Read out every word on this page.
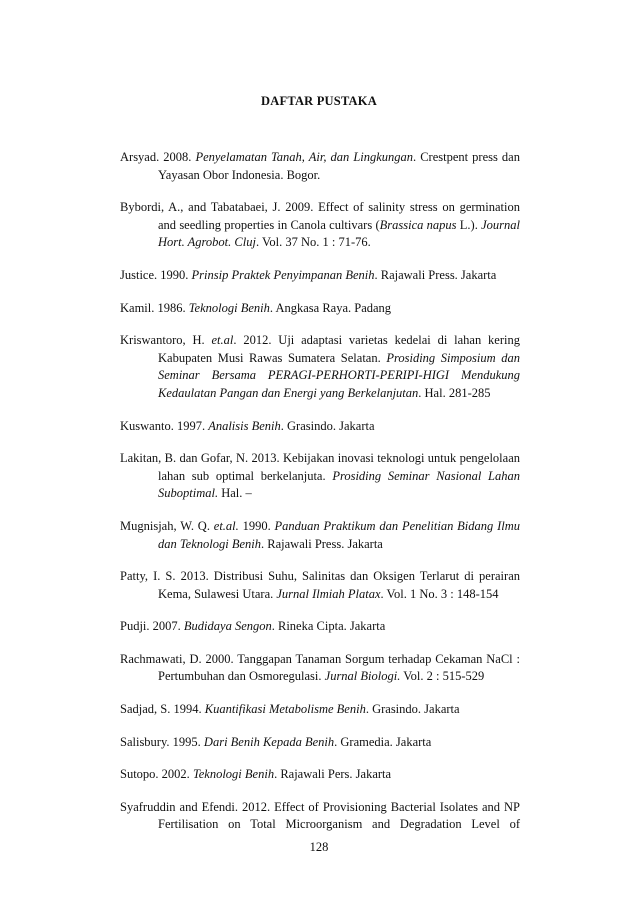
DAFTAR PUSTAKA

Arsyad. 2008. Penyelamatan Tanah, Air, dan Lingkungan. Crestpent press dan Yayasan Obor Indonesia. Bogor.

Bybordi, A., and Tabatabaei, J. 2009. Effect of salinity stress on germination and seedling properties in Canola cultivars (Brassica napus L.). Journal Hort. Agrobot. Cluj. Vol. 37 No. 1 : 71-76.

Justice. 1990. Prinsip Praktek Penyimpanan Benih. Rajawali Press. Jakarta

Kamil. 1986. Teknologi Benih. Angkasa Raya. Padang

Kriswantoro, H. et.al. 2012. Uji adaptasi varietas kedelai di lahan kering Kabupaten Musi Rawas Sumatera Selatan. Prosiding Simposium dan Seminar Bersama PERAGI-PERHORTI-PERIPI-HIGI Mendukung Kedaulatan Pangan dan Energi yang Berkelanjutan. Hal. 281-285

Kuswanto. 1997. Analisis Benih. Grasindo. Jakarta

Lakitan, B. dan Gofar, N. 2013. Kebijakan inovasi teknologi untuk pengelolaan lahan sub optimal berkelanjuta. Prosiding Seminar Nasional Lahan Suboptimal. Hal. –

Mugnisjah, W. Q. et.al. 1990. Panduan Praktikum dan Penelitian Bidang Ilmu dan Teknologi Benih. Rajawali Press. Jakarta

Patty, I. S. 2013. Distribusi Suhu, Salinitas dan Oksigen Terlarut di perairan Kema, Sulawesi Utara. Jurnal Ilmiah Platax. Vol. 1 No. 3 : 148-154

Pudji. 2007. Budidaya Sengon. Rineka Cipta. Jakarta

Rachmawati, D. 2000. Tanggapan Tanaman Sorgum terhadap Cekaman NaCl : Pertumbuhan dan Osmoregulasi. Jurnal Biologi. Vol. 2 : 515-529

Sadjad, S. 1994. Kuantifikasi Metabolisme Benih. Grasindo. Jakarta

Salisbury. 1995. Dari Benih Kepada Benih. Gramedia. Jakarta

Sutopo. 2002. Teknologi Benih. Rajawali Pers. Jakarta

Syafruddin and Efendi. 2012. Effect of Provisioning Bacterial Isolates and NP Fertilisation on Total Microorganism and Degradation Level of

128
